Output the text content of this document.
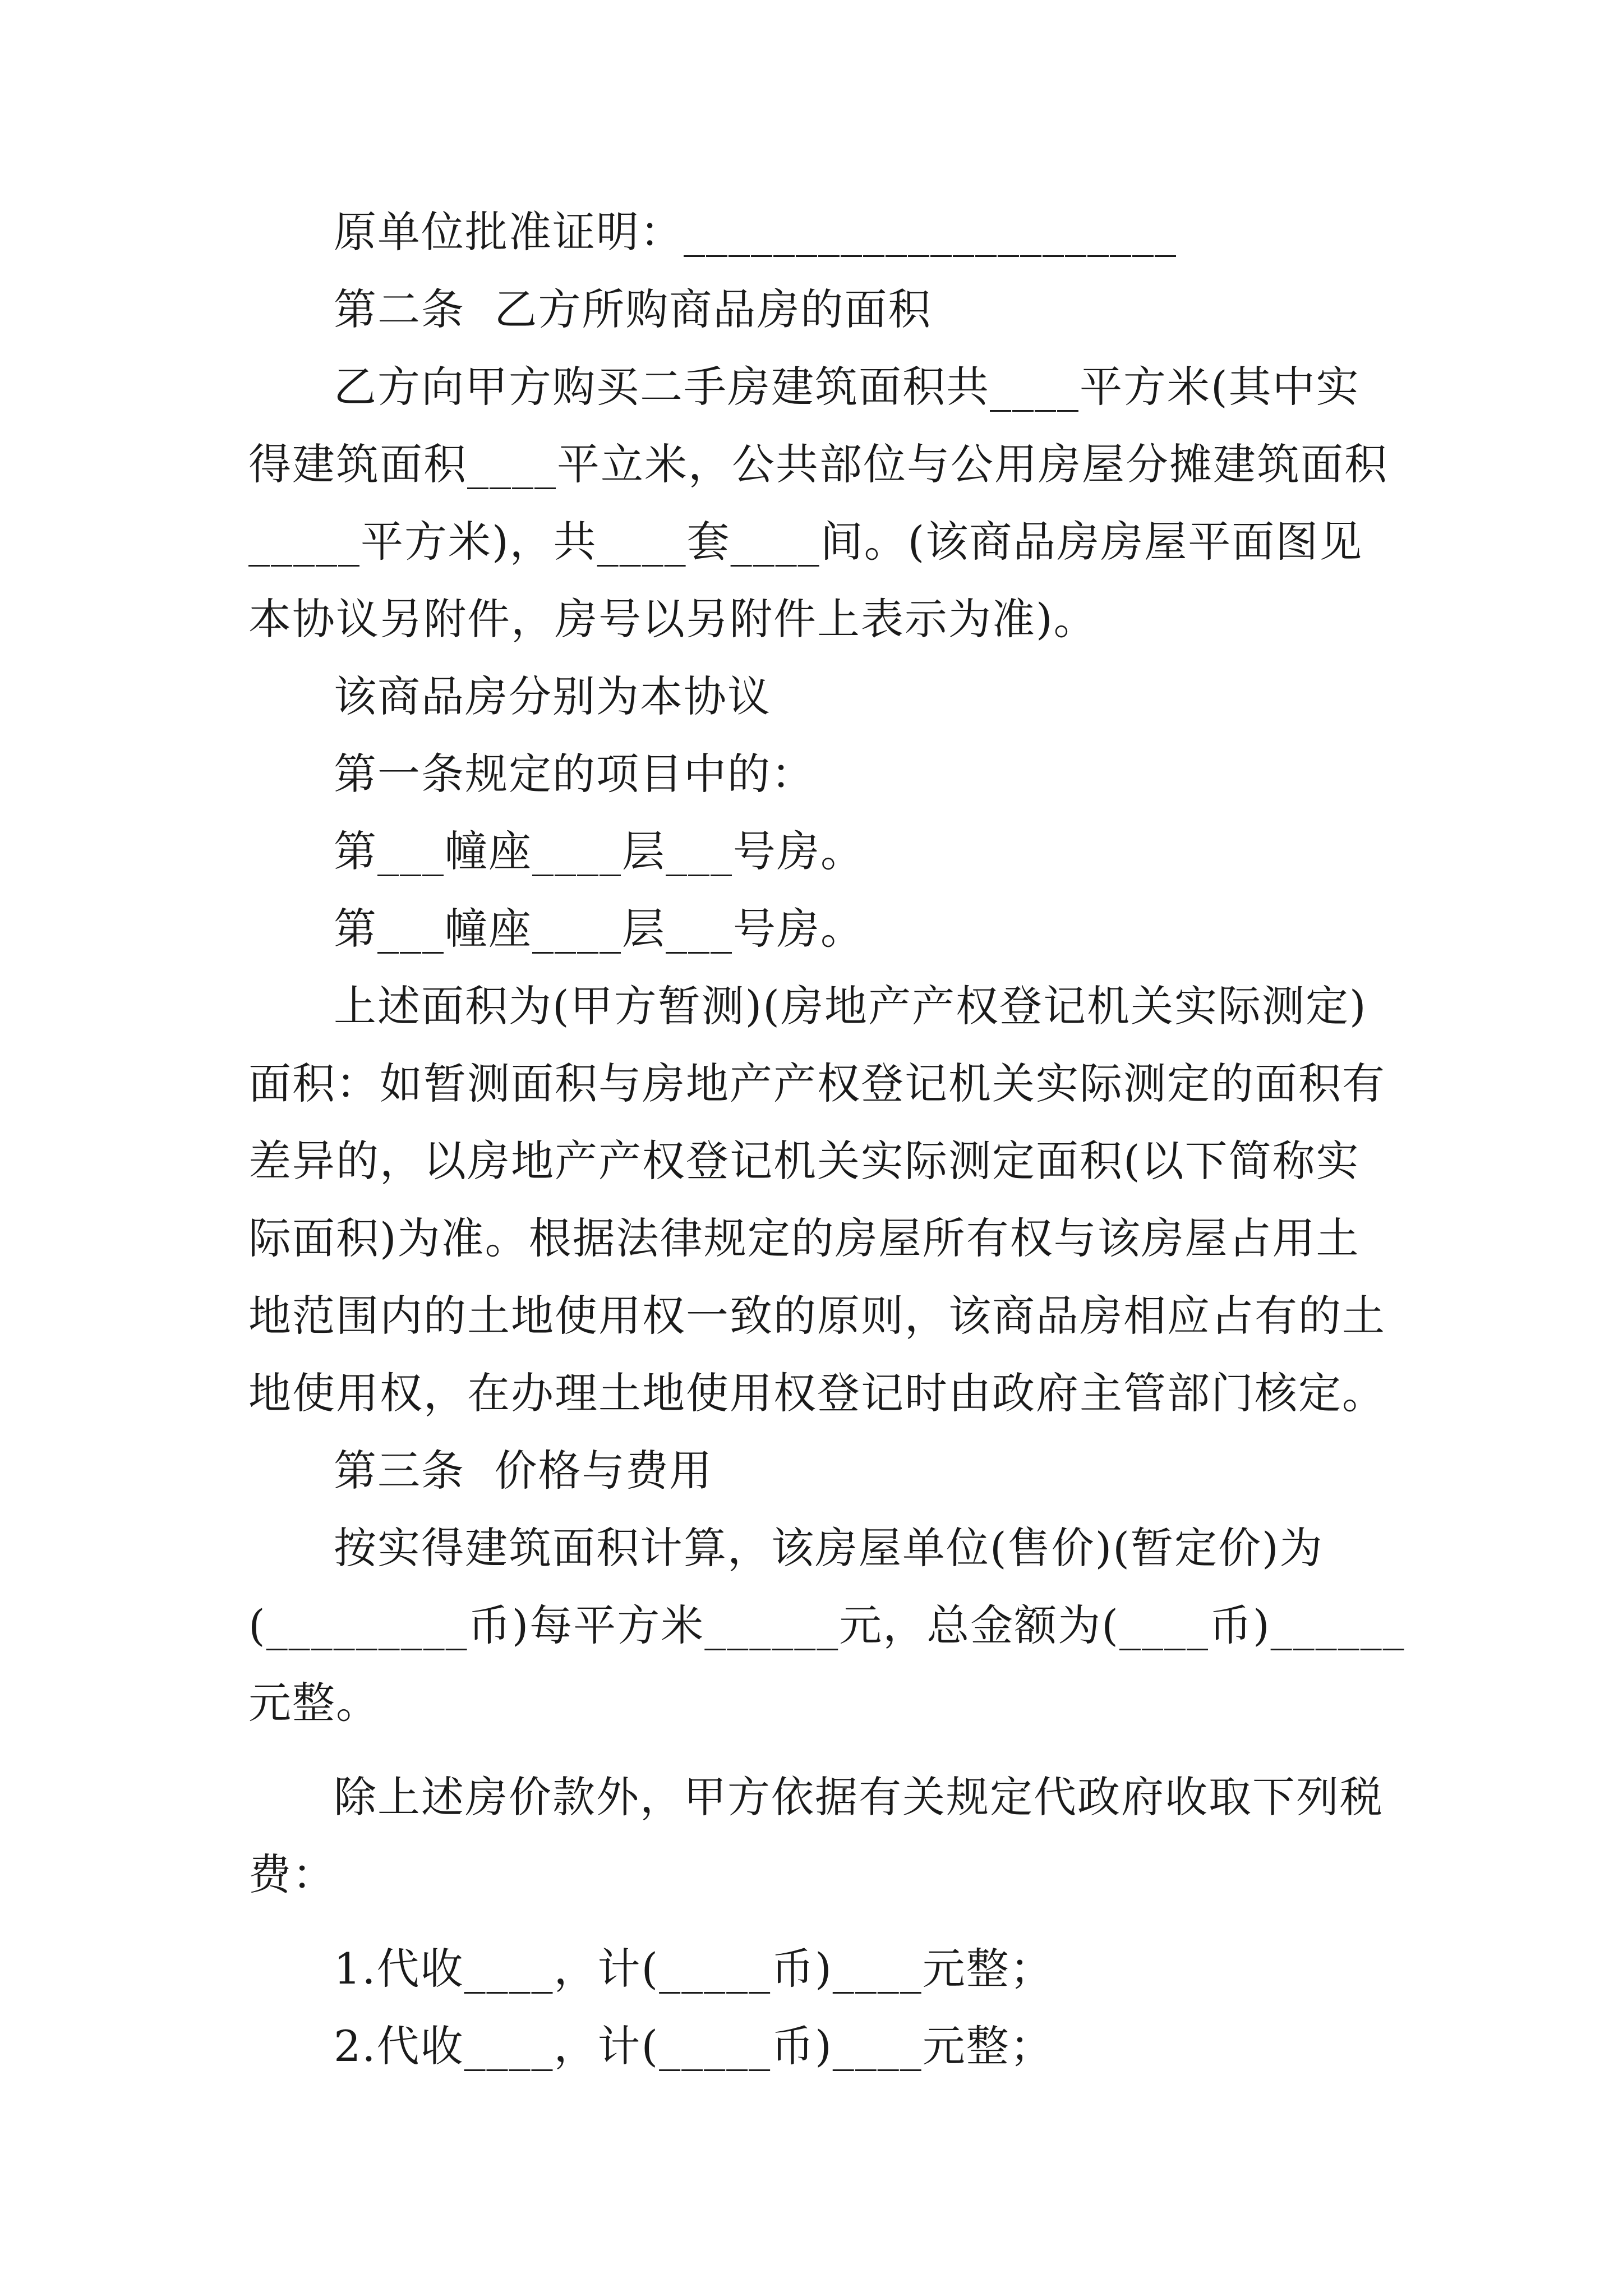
原单位批准证明：______________________
第二条  乙方所购商品房的面积
乙方向甲方购买二手房建筑面积共____平方米(其中实
得建筑面积____平立米，公共部位与公用房屋分摊建筑面积
_____平方米)，共____套____间。(该商品房房屋平面图见
本协议另附件，房号以另附件上表示为准)。
该商品房分别为本协议
第一条规定的项目中的：
第___幢座____层___号房。
第___幢座____层___号房。
上述面积为(甲方暂测)(房地产产权登记机关实际测定)
面积：如暂测面积与房地产产权登记机关实际测定的面积有
差异的，以房地产产权登记机关实际测定面积(以下简称实
际面积)为准。根据法律规定的房屋所有权与该房屋占用土
地范围内的土地使用权一致的原则，该商品房相应占有的土
地使用权，在办理土地使用权登记时由政府主管部门核定。
第三条  价格与费用
按实得建筑面积计算，该房屋单位(售价)(暂定价)为
(_________币)每平方米______元，总金额为(____币)______
元整。
除上述房价款外，甲方依据有关规定代政府收取下列税
费：
1.代收____，计(_____币)____元整；
2.代收____，计(_____币)____元整；
